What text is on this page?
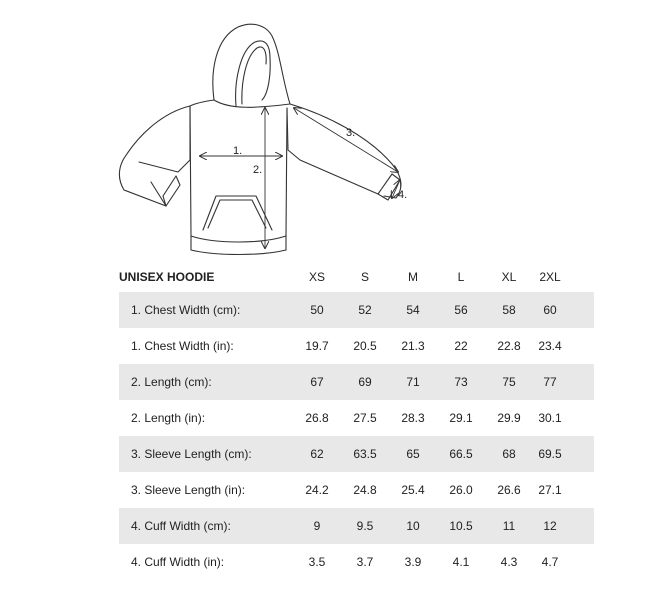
1.
2.
3.
4.
UNISEX HOODIE	XS	S	M	L	XL	2XL
1. Chest Width (cm):	50	52	54	56	58	60
1. Chest Width (in):	19.7	20.5	21.3	22	22.8	23.4
2. Length (cm):	67	69	71	73	75	77
2. Length (in):	26.8	27.5	28.3	29.1	29.9	30.1
3. Sleeve Length (cm):	62	63.5	65	66.5	68	69.5
3. Sleeve Length (in):	24.2	24.8	25.4	26.0	26.6	27.1
4. Cuff Width (cm):	9	9.5	10	10.5	11	12
4. Cuff Width (in):	3.5	3.7	3.9	4.1	4.3	4.7
